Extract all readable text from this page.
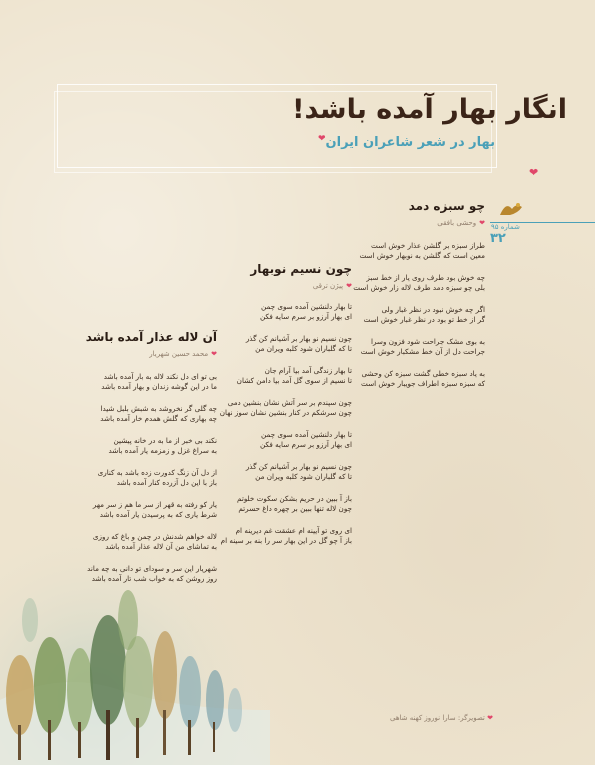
انگار بهار آمده باشد!
بهار در شعر شاعران ایران
❤
❤
شماره ۹۵
۳۲
چو سبزه دمد
❤وحشی بافقی
طراز سبزه بر گلشن عذار خوش است
معین است که گلشن به نوبهار خوش است
چه خوش بود طرف روی یار از خط سبز
بلی چو سبزه دمد طرف لاله زار خوش است
اگر چه خوش نبود در نظر غبار ولی
گر از خط تو بود در نظر غبار خوش است
به بوی مشک جراحت شود فزون وسرا
جراحت دل از آن خط مشکبار خوش است
به یاد سبزه خطی گشت سبزه کن وحشی
که سبزه سبزه اطراف جویبار خوش است
چون نسیم نوبهار
❤پیژن ترقی
تا بهار دلنشین آمده سوی چمن
ای بهار آرزو بر سرم سایه فکن
چون نسیم نو بهار بر آشیانم کن گذر
تا که گلباران شود کلبه ویران من
تا بهار زندگی آمد بیا آرام جان
تا نسیم از سوی گل آمد بیا دامن کشان
چون سپندم بر سر آتش نشان بنشین دمی
چون سرشکم در کنار بنشین نشان سوز نهان
تا بهار دلنشین آمده سوی چمن
ای بهار آرزو بر سرم سایه فکن
چون نسیم نو بهار بر آشیانم کن گذر
تا که گلباران شود کلبه ویران من
باز آ ببین در حریم بشکن سکوت خلوتم
چون لاله تنها ببین بر چهره داغ حسرتم
ای روی تو آیینه ام عشقت غم دیرینه ام
باز آ چو گل در این بهار سر را بنه بر سینه ام
آن لاله عذار آمده باشد
❤محمد حسین شهریار
بی تو ای دل نکند لاله به بار آمده باشد
ما در این گوشه زندان و بهار آمده باشد
چه گلی گر نخروشد به شبش بلبل شیدا
چه بهاری که گلش همدم خار آمده باشد
نکند بی خبر از ما به در خانه پیشین
به سراغ غزل و زمزمه یار آمده باشد
از دل آن زنگ کدورت زده باشد به کناری
باز با این دل آزرده کنار آمده باشد
یار کو رفته به قهر از سر ما هم ز سر مهر
شرط یاری که به پرسیدن یار آمده باشد
لاله خواهم شدنش در چمن و باغ که روزی
به تماشای من آن لاله عذار آمده باشد
شهریار این سر و سودای تو دانی به چه ماند
روز روشن که به خواب شب تار آمده باشد
❤ تصویرگر: سارا نوروز کهنه شاهی
